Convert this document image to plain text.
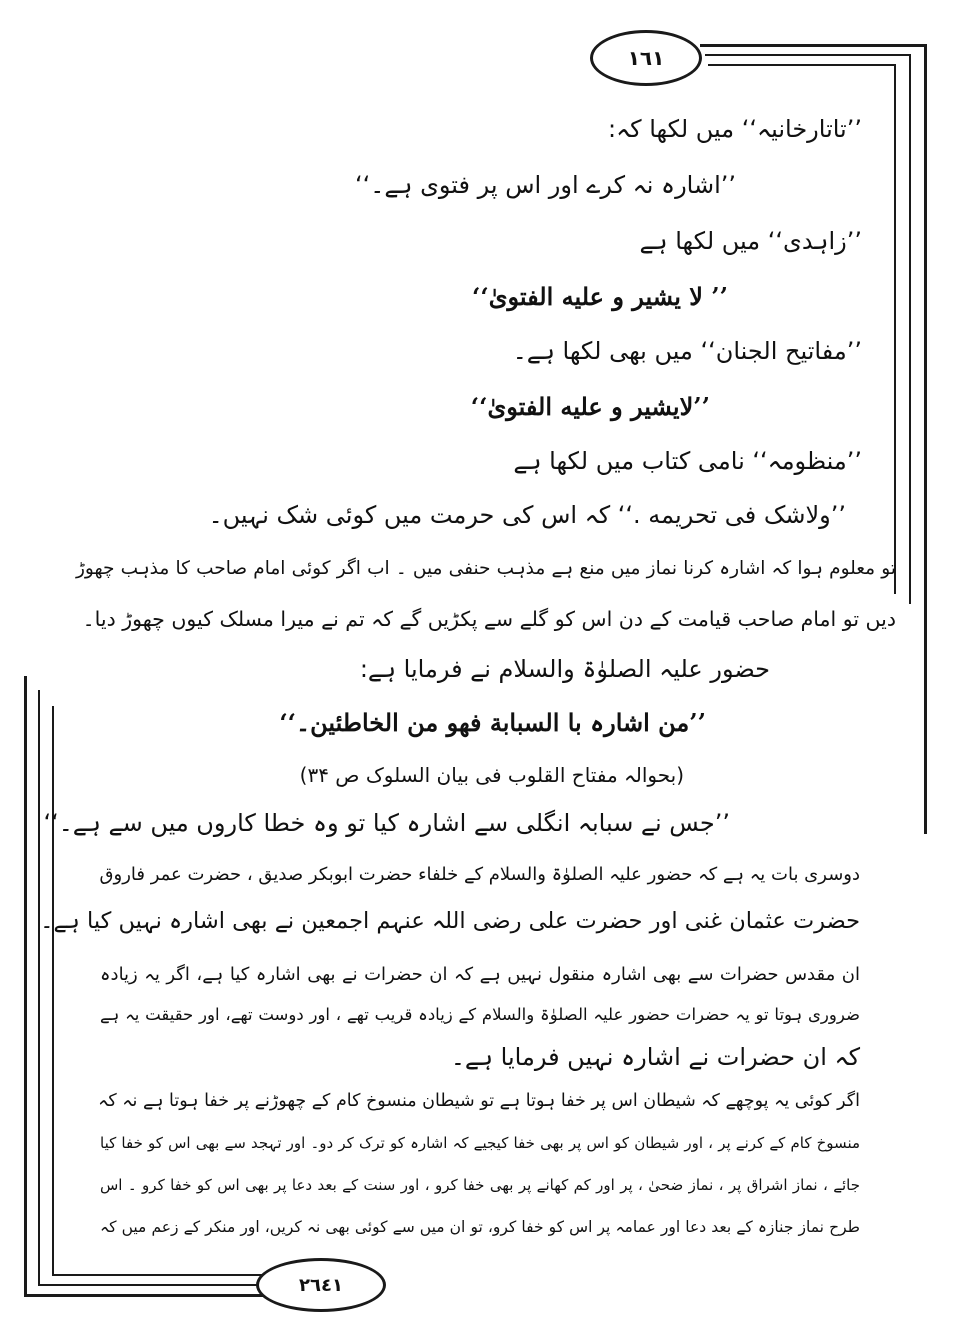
١٦١
٢٦٤١
’’تاتارخانیہ‘‘ میں لکھا کہ:
’’اشارہ نہ کرے اور اس پر فتوی ہے۔‘‘
’’زاہدی‘‘ میں لکھا ہے
’’ لا یشیر و علیه الفتویٰ‘‘
’’مفاتیح الجنان‘‘ میں بھی لکھا ہے۔
’’لایشیر و علیه الفتویٰ‘‘
’’منظومہ‘‘ نامی کتاب میں لکھا ہے
’’ولاشک فی تحریمه .‘‘ کہ اس کی حرمت میں کوئی شک نہیں۔
تو معلوم ہوا کہ اشارہ کرنا نماز میں منع ہے مذہب حنفی میں ۔ اب اگر کوئی امام صاحب کا مذہب چھوڑ
دیں تو امام صاحب قیامت کے دن اس کو گلے سے پکڑیں گے کہ تم نے میرا مسلک کیوں چھوڑ دیا۔
حضور علیہ الصلوٰۃ والسلام نے فرمایا ہے:
’’من اشارہ با السبابة فهو من الخاطئین۔‘‘
(بحوالہ مفتاح القلوب فی بیان السلوک ص ۳۴)
’’جس نے سبابہ انگلی سے اشارہ کیا تو وہ خطا کاروں میں سے ہے۔‘‘
دوسری بات یہ ہے کہ حضور علیہ الصلوٰۃ والسلام کے خلفاء حضرت ابوبکر صدیق ، حضرت عمر فاروق
حضرت عثمان غنی اور حضرت علی رضی اللہ عنہم اجمعین نے بھی اشارہ نہیں کیا ہے۔
ان مقدس حضرات سے بھی اشارہ منقول نہیں ہے کہ ان حضرات نے بھی اشارہ کیا ہے، اگر یہ زیادہ
ضروری ہوتا تو یہ حضرات حضور علیہ الصلوٰۃ والسلام کے زیادہ قریب تھے ، اور دوست تھے، اور حقیقت یہ ہے
کہ ان حضرات نے اشارہ نہیں فرمایا ہے۔
اگر کوئی یہ پوچھے کہ شیطان اس پر خفا ہوتا ہے تو شیطان منسوخ کام کے چھوڑنے پر خفا ہوتا ہے نہ کہ
منسوخ کام کے کرنے پر ، اور شیطان کو اس پر بھی خفا کیجیے کہ اشارہ کو ترک کر دو۔ اور تہجد سے بھی اس کو خفا کیا
جائے ، نماز اشراق پر ، نماز ضحیٰ ، پر اور کم کھانے پر بھی خفا کرو ، اور سنت کے بعد دعا پر بھی اس کو خفا کرو ۔ اس
طرح نماز جنازہ کے بعد دعا اور عمامہ پر اس کو خفا کرو، تو ان میں سے کوئی بھی نہ کریں، اور منکر کے زعم میں کہ
